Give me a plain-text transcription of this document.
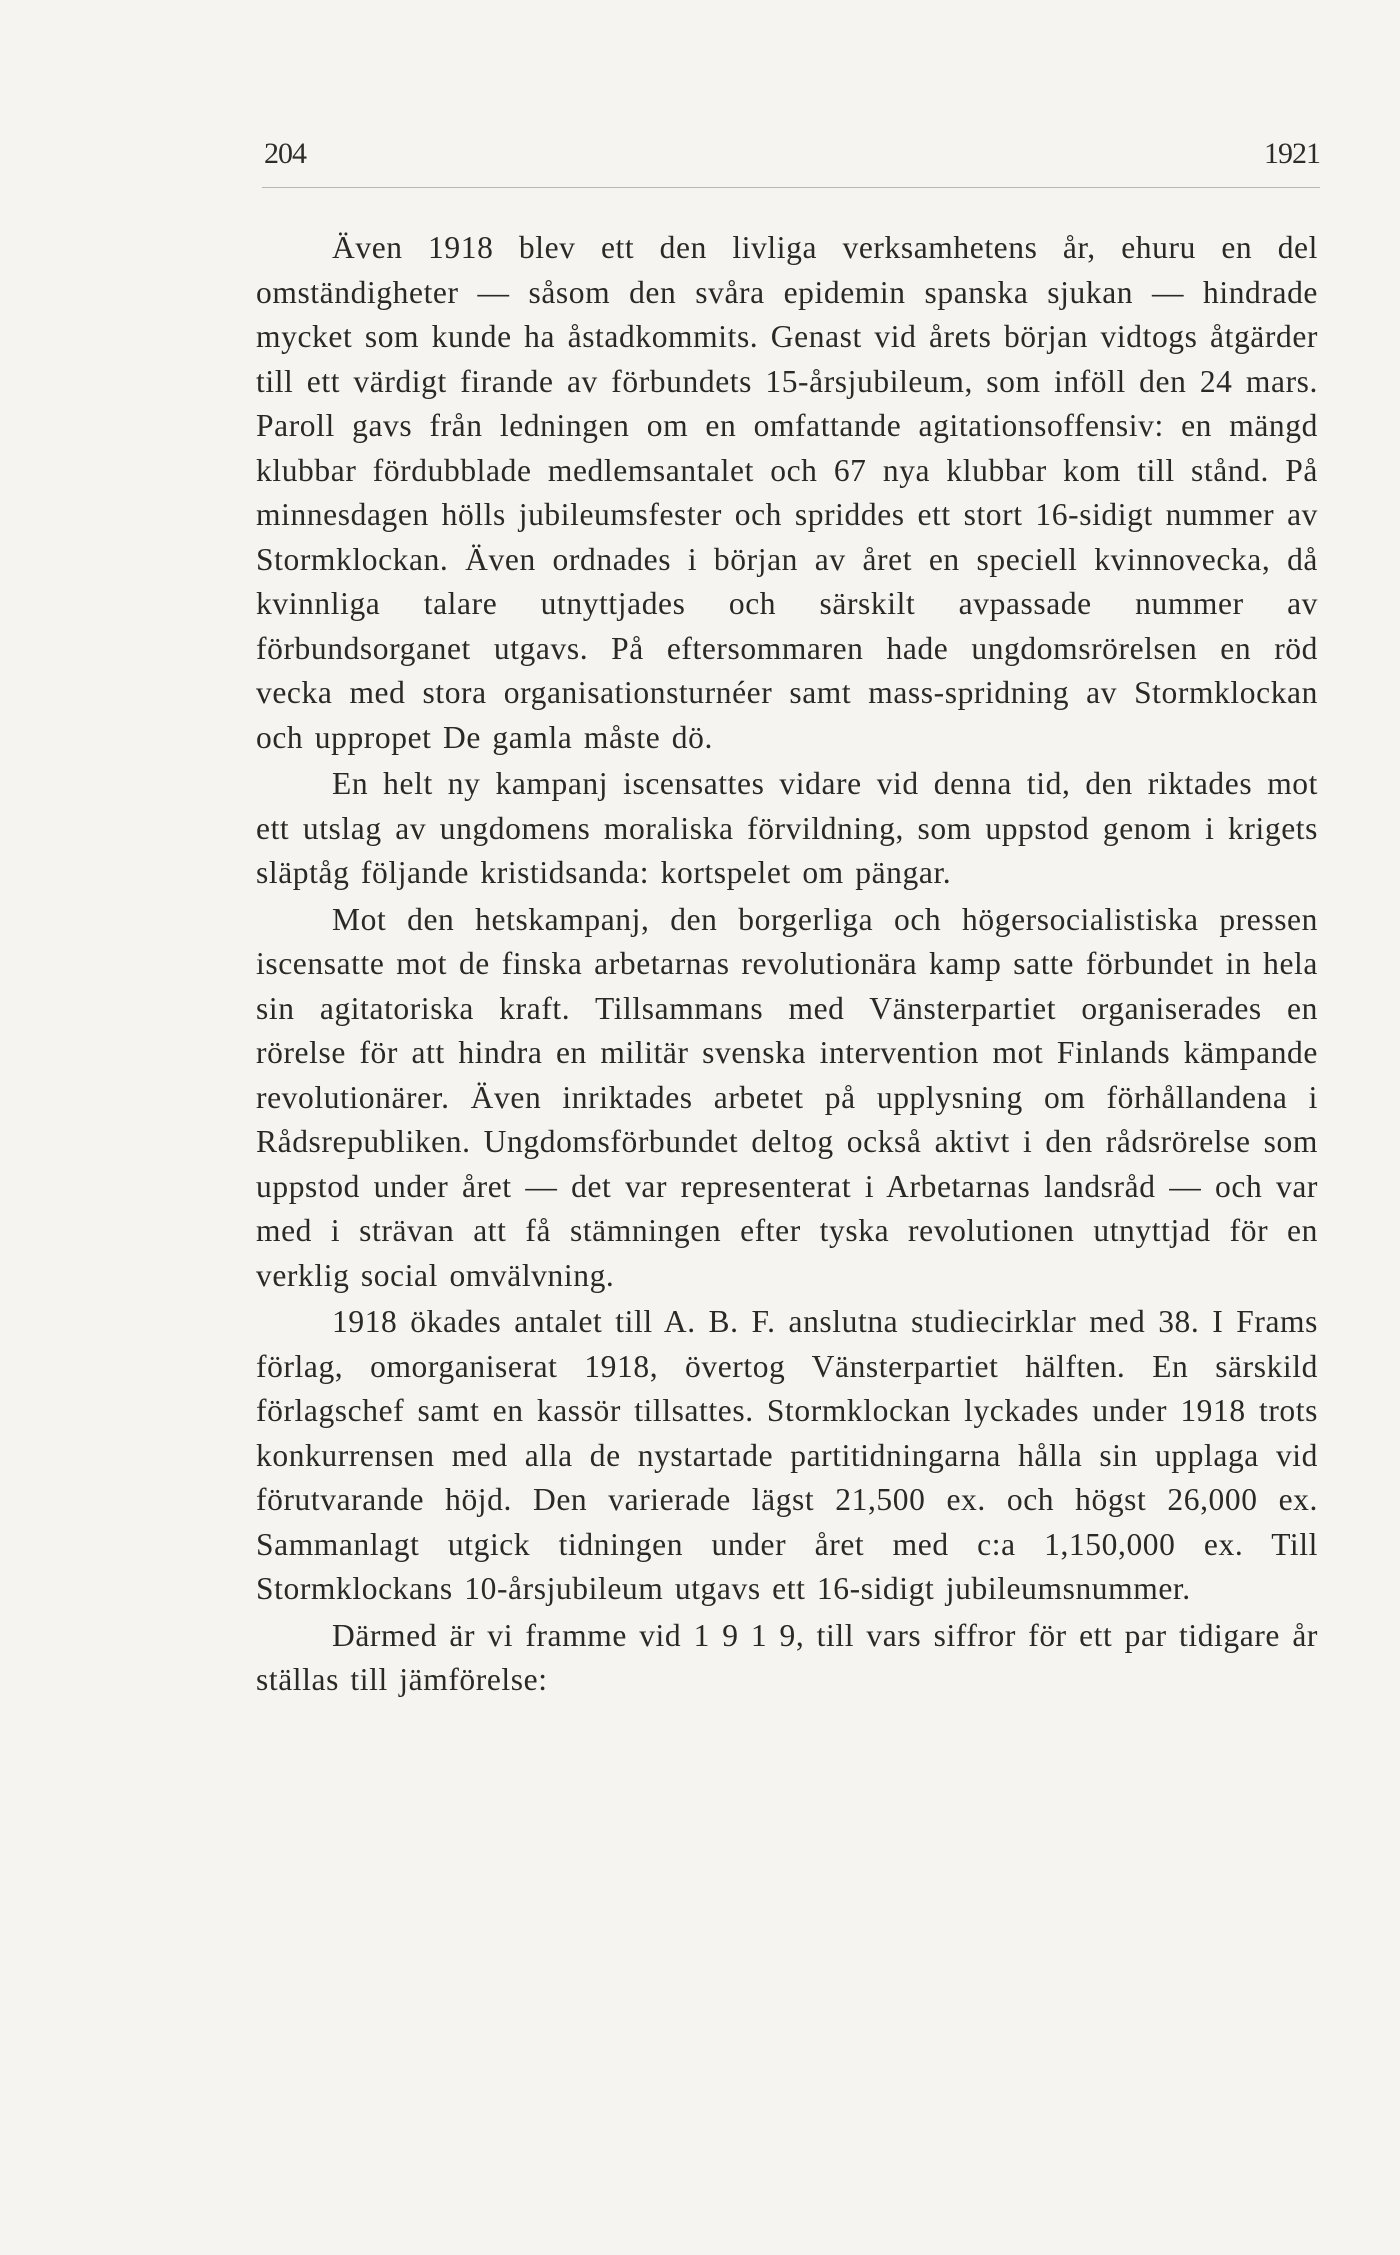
204	1921

Även 1918 blev ett den livliga verksamhetens år, ehuru en del omständigheter — såsom den svåra epidemin spanska sjukan — hindrade mycket som kunde ha åstadkommits. Genast vid årets början vidtogs åtgärder till ett värdigt firande av förbundets 15-årsjubileum, som inföll den 24 mars. Paroll gavs från ledningen om en omfattande agitationsoffensiv: en mängd klubbar fördubblade medlemsantalet och 67 nya klubbar kom till stånd. På minnesdagen hölls jubileumsfester och spriddes ett stort 16-sidigt nummer av Stormklockan. Även ordnades i början av året en speciell kvinnovecka, då kvinnliga talare utnyttjades och särskilt avpassade nummer av förbundsorganet utgavs. På eftersommaren hade ungdomsrörelsen en röd vecka med stora organisationsturnéer samt mass-spridning av Stormklockan och uppropet De gamla måste dö.

En helt ny kampanj iscensattes vidare vid denna tid, den riktades mot ett utslag av ungdomens moraliska förvildning, som uppstod genom i krigets släptåg följande kristidsanda: kortspelet om pängar.

Mot den hetskampanj, den borgerliga och högersocialistiska pressen iscensatte mot de finska arbetarnas revolutionära kamp satte förbundet in hela sin agitatoriska kraft. Tillsammans med Vänsterpartiet organiserades en rörelse för att hindra en militär svenska intervention mot Finlands kämpande revolutionärer. Även inriktades arbetet på upplysning om förhållandena i Rådsrepubliken. Ungdomsförbundet deltog också aktivt i den rådsrörelse som uppstod under året — det var representerat i Arbetarnas landsråd — och var med i strävan att få stämningen efter tyska revolutionen utnyttjad för en verklig social omvälvning.

1918 ökades antalet till A. B. F. anslutna studiecirklar med 38. I Frams förlag, omorganiserat 1918, övertog Vänsterpartiet hälften. En särskild förlagschef samt en kassör tillsattes. Stormklockan lyckades under 1918 trots konkurrensen med alla de nystartade partitidningarna hålla sin upplaga vid förutvarande höjd. Den varierade lägst 21,500 ex. och högst 26,000 ex. Sammanlagt utgick tidningen under året med c:a 1,150,000 ex. Till Stormklockans 10-årsjubileum utgavs ett 16-sidigt jubileumsnummer.

Därmed är vi framme vid 1 9 1 9, till vars siffror för ett par tidigare år ställas till jämförelse:
